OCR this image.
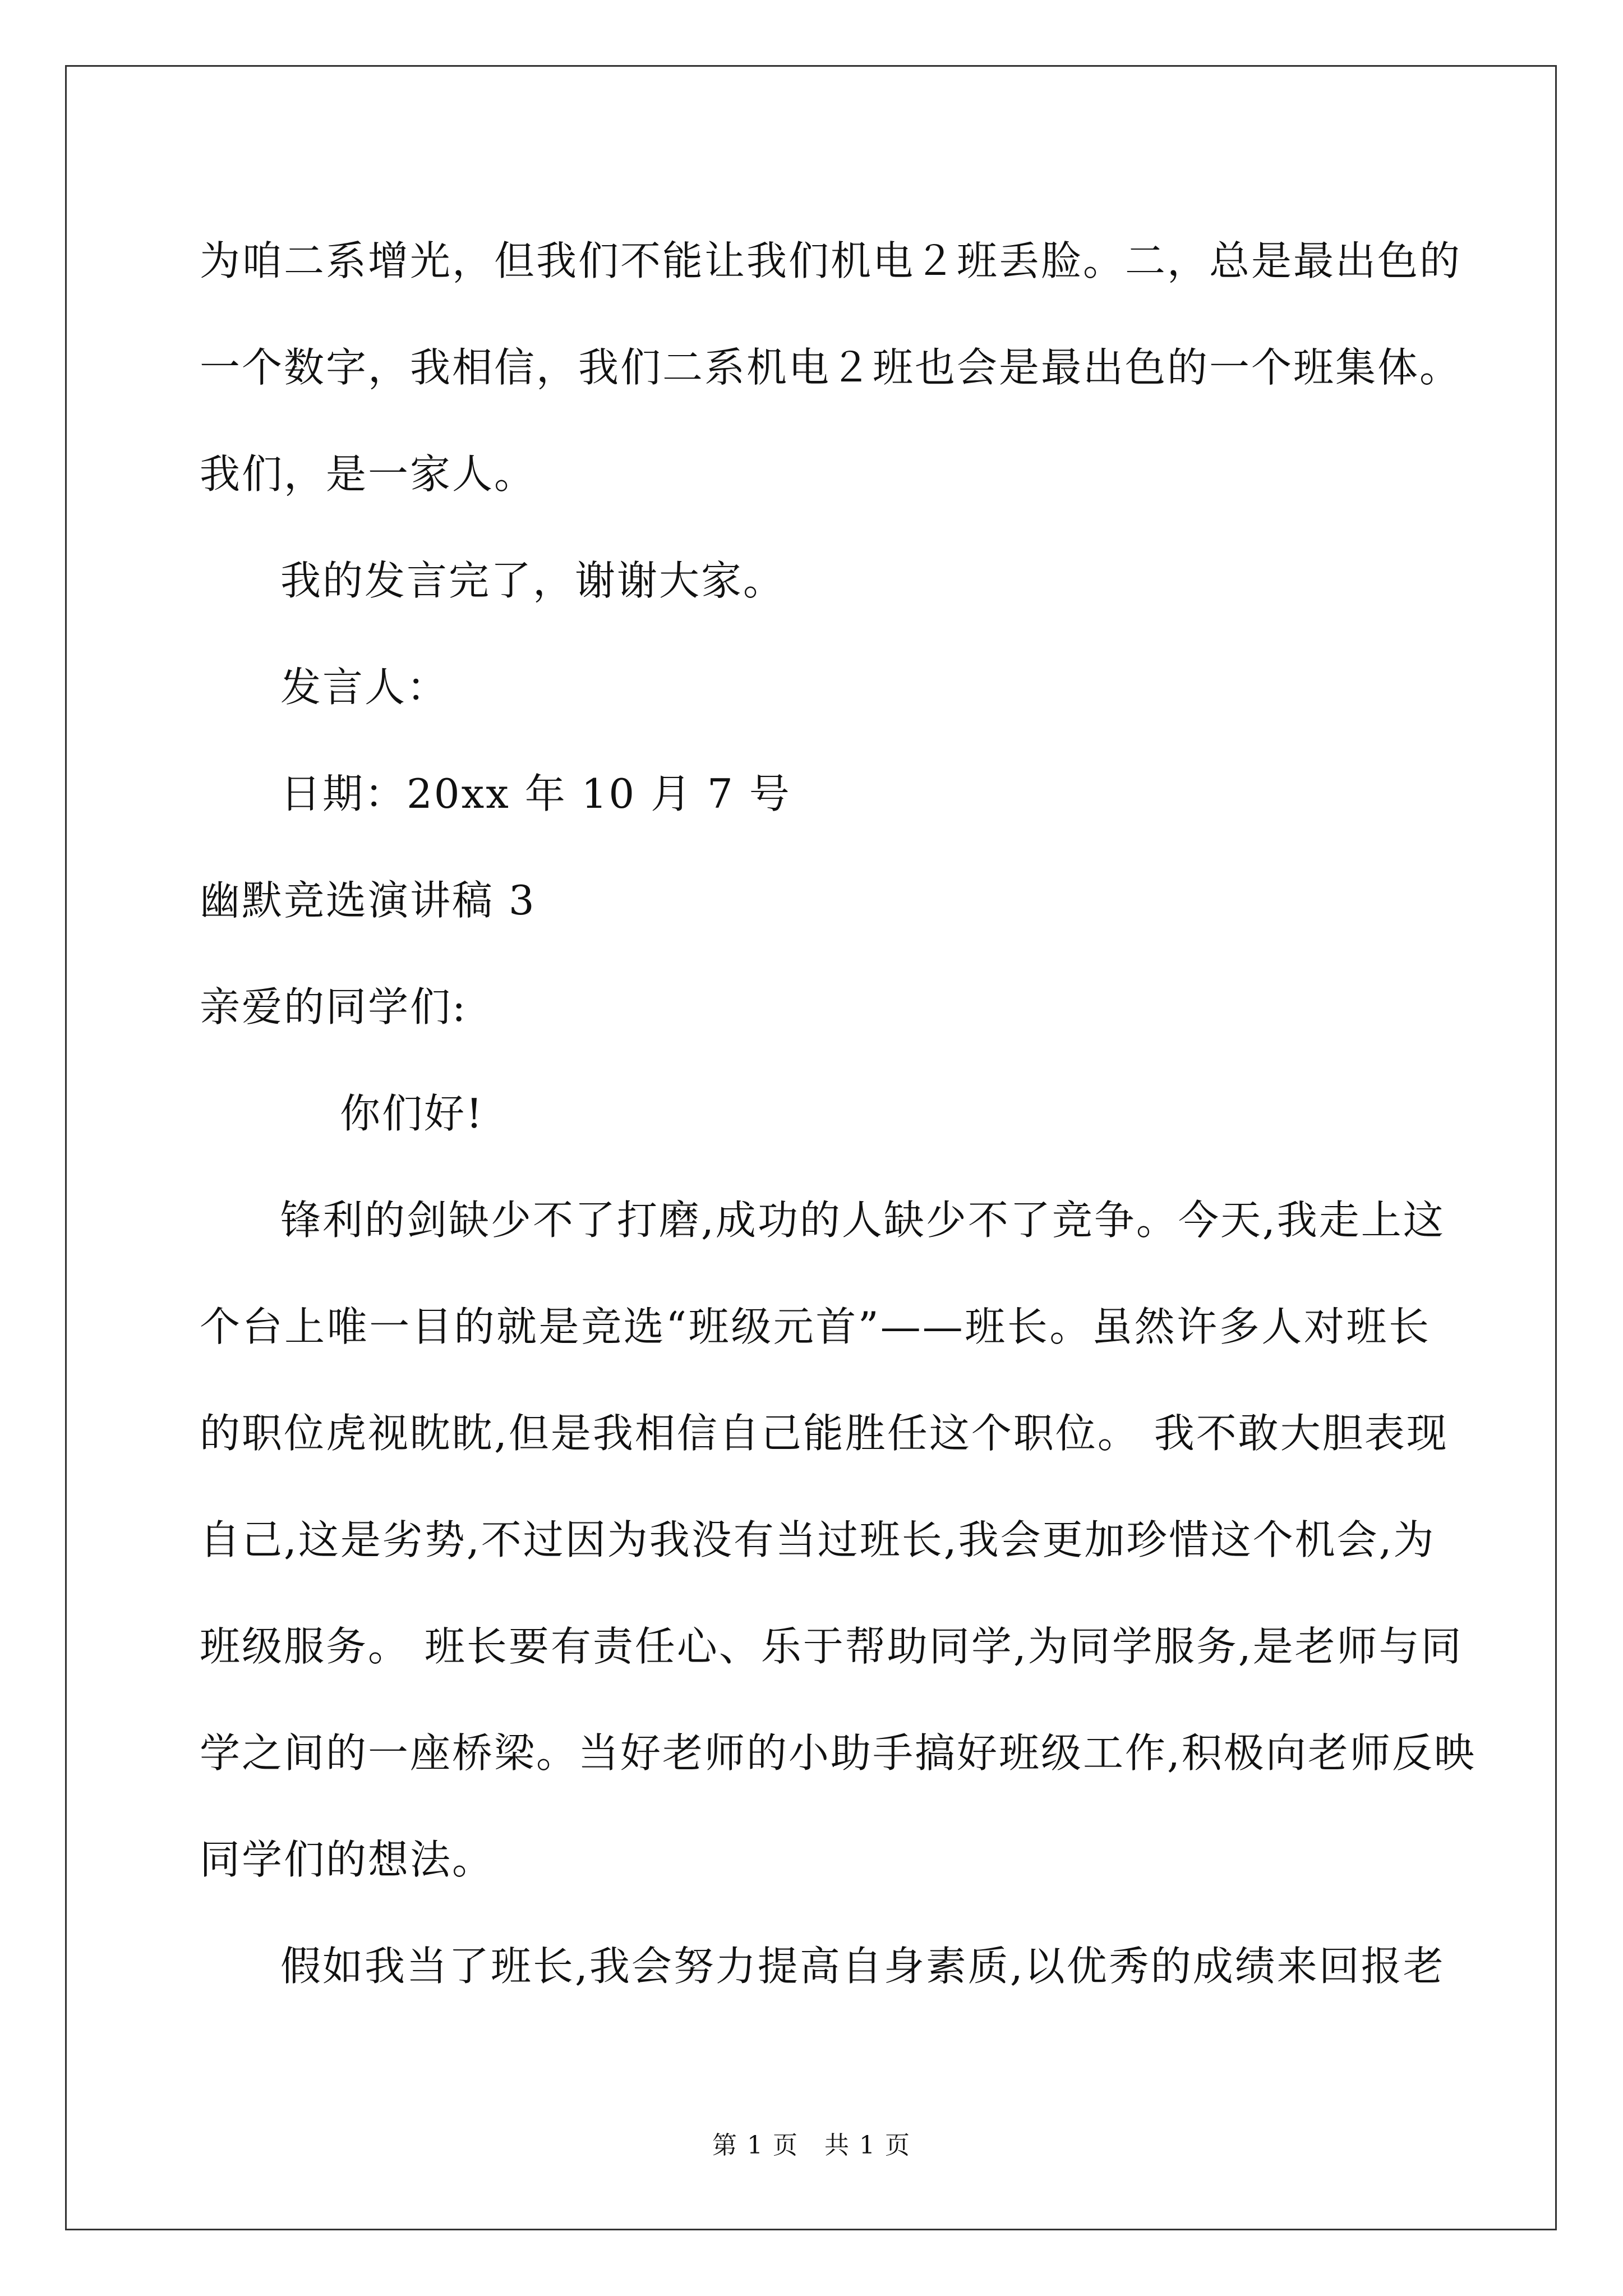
为咱二系增光，但我们不能让我们机电２班丢脸。二，总是最出色的
一个数字，我相信，我们二系机电２班也会是最出色的一个班集体。
我们，是一家人。
我的发言完了，谢谢大家。
发言人：
日期：20xx 年 10 月 7 号
幽默竞选演讲稿 3
亲爱的同学们:
你们好!
锋利的剑缺少不了打磨,成功的人缺少不了竞争。今天,我走上这
个台上唯一目的就是竞选“班级元首”——班长。虽然许多人对班长
的职位虎视眈眈,但是我相信自己能胜任这个职位。 我不敢大胆表现
自己,这是劣势,不过因为我没有当过班长,我会更加珍惜这个机会,为
班级服务。 班长要有责任心、乐于帮助同学,为同学服务,是老师与同
学之间的一座桥梁。当好老师的小助手搞好班级工作,积极向老师反映
同学们的想法。
假如我当了班长,我会努力提高自身素质,以优秀的成绩来回报老
第 1 页　共 1 页
